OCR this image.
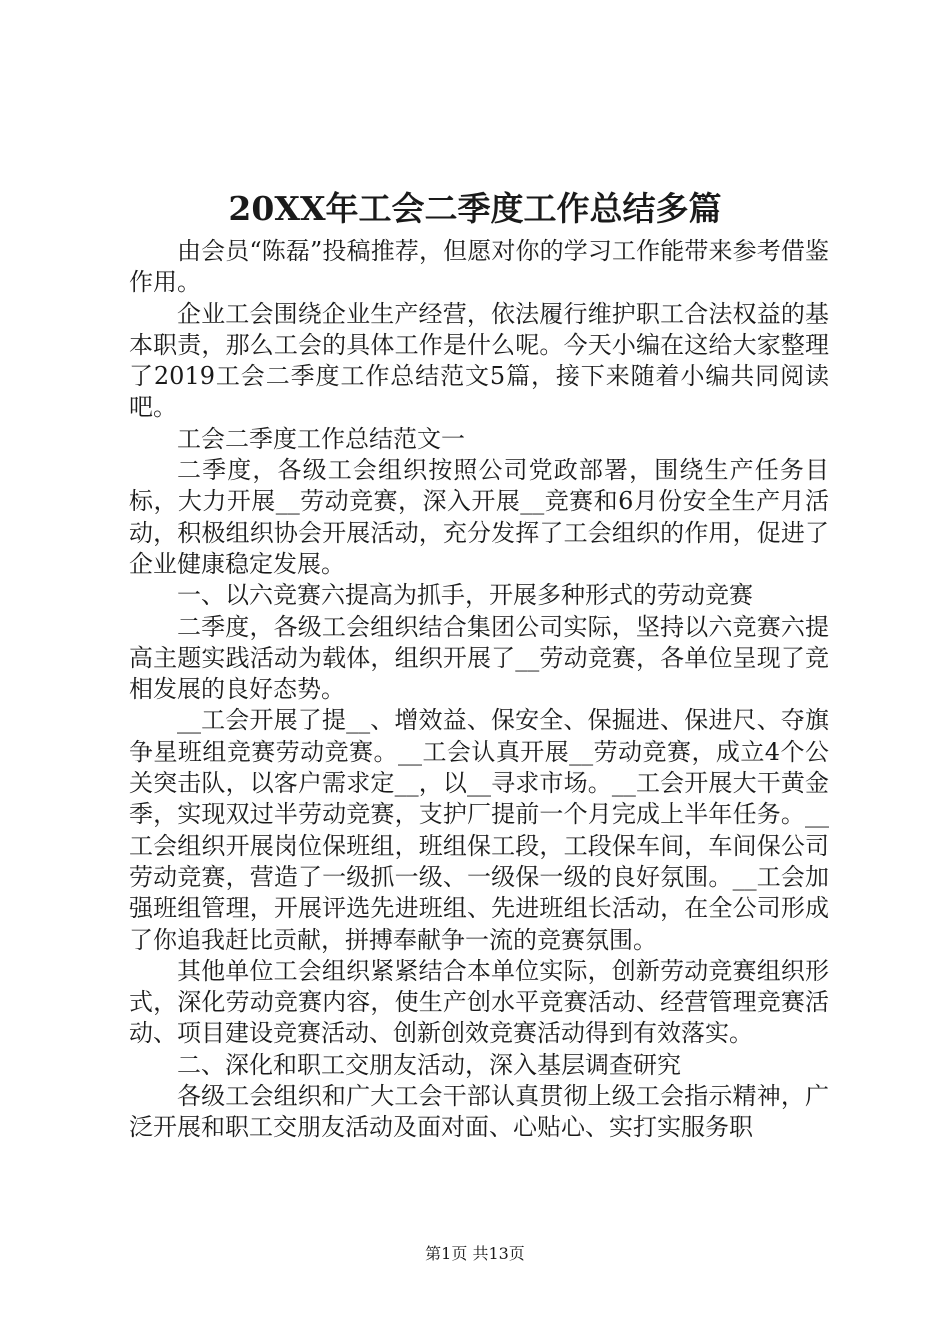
20XX年工会二季度工作总结多篇

由会员“陈磊”投稿推荐，但愿对你的学习工作能带来参考借鉴作用。

企业工会围绕企业生产经营，依法履行维护职工合法权益的基本职责，那么工会的具体工作是什么呢。今天小编在这给大家整理了2019工会二季度工作总结范文5篇，接下来随着小编共同阅读吧。

工会二季度工作总结范文一

二季度，各级工会组织按照公司党政部署，围绕生产任务目标，大力开展__劳动竞赛，深入开展__竞赛和6月份安全生产月活动，积极组织协会开展活动，充分发挥了工会组织的作用，促进了企业健康稳定发展。

一、以六竞赛六提高为抓手，开展多种形式的劳动竞赛

二季度，各级工会组织结合集团公司实际，坚持以六竞赛六提高主题实践活动为载体，组织开展了__劳动竞赛，各单位呈现了竞相发展的良好态势。

__工会开展了提__、增效益、保安全、保掘进、保进尺、夺旗争星班组竞赛劳动竞赛。__工会认真开展__劳动竞赛，成立4个公关突击队，以客户需求定__，以__寻求市场。__工会开展大干黄金季，实现双过半劳动竞赛，支护厂提前一个月完成上半年任务。__工会组织开展岗位保班组，班组保工段，工段保车间，车间保公司劳动竞赛，营造了一级抓一级、一级保一级的良好氛围。__工会加强班组管理，开展评选先进班组、先进班组长活动，在全公司形成了你追我赶比贡献，拼搏奉献争一流的竞赛氛围。

其他单位工会组织紧紧结合本单位实际，创新劳动竞赛组织形式，深化劳动竞赛内容，使生产创水平竞赛活动、经营管理竞赛活动、项目建设竞赛活动、创新创效竞赛活动得到有效落实。

二、深化和职工交朋友活动，深入基层调查研究

各级工会组织和广大工会干部认真贯彻上级工会指示精神，广泛开展和职工交朋友活动及面对面、心贴心、实打实服务职

第1页 共13页
